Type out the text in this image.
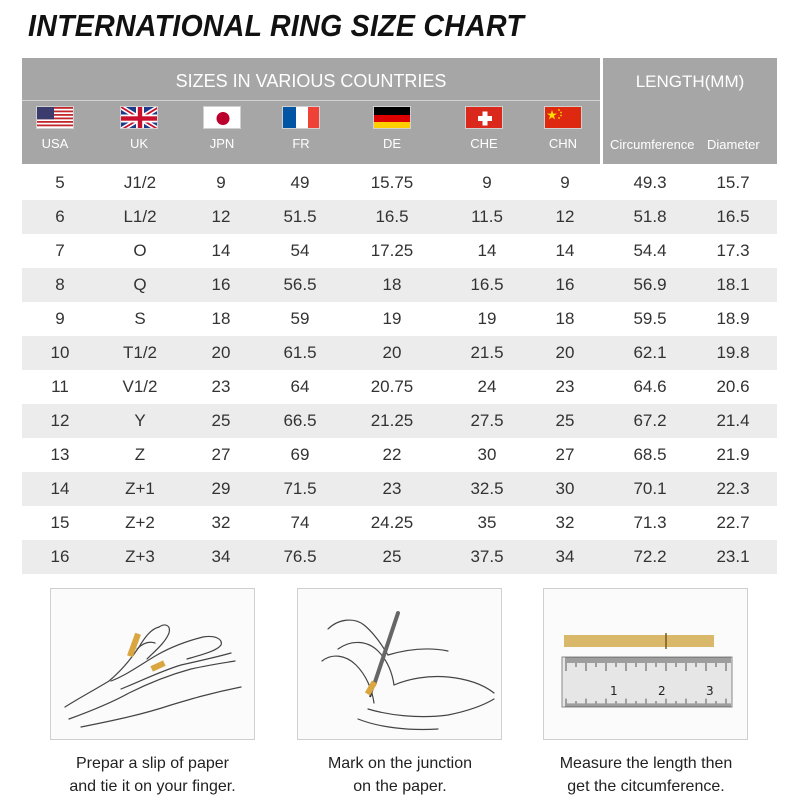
INTERNATIONAL RING SIZE CHART
SIZES IN VARIOUS COUNTRIES	LENGTH(MM)
USA	UK	JPN	FR	DE	CHE	CHN	Circumference Diameter
5	J1/2	9	49	15.75	9	9	49.3	15.7
6	L1/2	12	51.5	16.5	11.5	12	51.8	16.5
7	O	14	54	17.25	14	14	54.4	17.3
8	Q	16	56.5	18	16.5	16	56.9	18.1
9	S	18	59	19	19	18	59.5	18.9
10	T1/2	20	61.5	20	21.5	20	62.1	19.8
11	V1/2	23	64	20.75	24	23	64.6	20.6
12	Y	25	66.5	21.25	27.5	25	67.2	21.4
13	Z	27	69	22	30	27	68.5	21.9
14	Z+1	29	71.5	23	32.5	30	70.1	22.3
15	Z+2	32	74	24.25	35	32	71.3	22.7
16	Z+3	34	76.5	25	37.5	34	72.2	23.1
1	2	3
Prepar a slip of paper
and tie it on your finger.
Mark on the junction
on the paper.
Measure the length then
get the citcumference.
